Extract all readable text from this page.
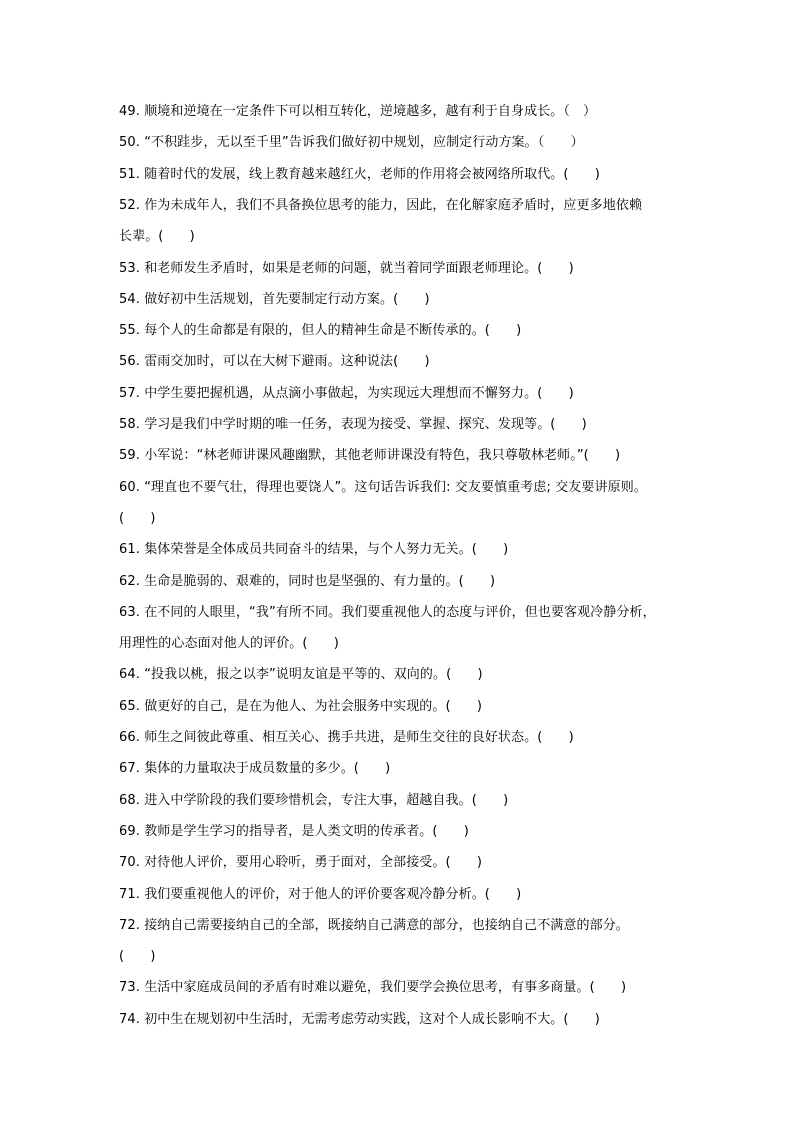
49. 顺境和逆境在一定条件下可以相互转化，逆境越多，越有利于自身成长。（　）
50. “不积跬步，无以至千里”告诉我们做好初中规划，应制定行动方案。（　　）
51. 随着时代的发展，线上教育越来越红火，老师的作用将会被网络所取代。(　　)
52. 作为未成年人，我们不具备换位思考的能力，因此，在化解家庭矛盾时，应更多地依赖
长辈。(　　)
53. 和老师发生矛盾时，如果是老师的问题，就当着同学面跟老师理论。(　　)
54. 做好初中生活规划，首先要制定行动方案。(　　)
55. 每个人的生命都是有限的，但人的精神生命是不断传承的。(　　)
56. 雷雨交加时，可以在大树下避雨。这种说法(　　)
57. 中学生要把握机遇，从点滴小事做起，为实现远大理想而不懈努力。(　　)
58. 学习是我们中学时期的唯一任务，表现为接受、掌握、探究、发现等。(　　)
59. 小军说：“林老师讲课风趣幽默，其他老师讲课没有特色，我只尊敬林老师。”(　　)
60. “理直也不要气壮，得理也要饶人”。这句话告诉我们: 交友要慎重考虑; 交友要讲原则。
(　　)
61. 集体荣誉是全体成员共同奋斗的结果，与个人努力无关。(　　)
62. 生命是脆弱的、艰难的，同时也是坚强的、有力量的。(　　)
63. 在不同的人眼里，“我”有所不同。我们要重视他人的态度与评价，但也要客观冷静分析，
用理性的心态面对他人的评价。(　　)
64. “投我以桃，报之以李”说明友谊是平等的、双向的。(　　)
65. 做更好的自己，是在为他人、为社会服务中实现的。(　　)
66. 师生之间彼此尊重、相互关心、携手共进，是师生交往的良好状态。(　　)
67. 集体的力量取决于成员数量的多少。(　　)
68. 进入中学阶段的我们要珍惜机会，专注大事，超越自我。(　　)
69. 教师是学生学习的指导者，是人类文明的传承者。(　　)
70. 对待他人评价，要用心聆听，勇于面对，全部接受。(　　)
71. 我们要重视他人的评价，对于他人的评价要客观冷静分析。(　　)
72. 接纳自己需要接纳自己的全部，既接纳自己满意的部分，也接纳自己不满意的部分。
(　　)
73. 生活中家庭成员间的矛盾有时难以避免，我们要学会换位思考，有事多商量。(　　)
74. 初中生在规划初中生活时，无需考虑劳动实践，这对个人成长影响不大。(　　)
